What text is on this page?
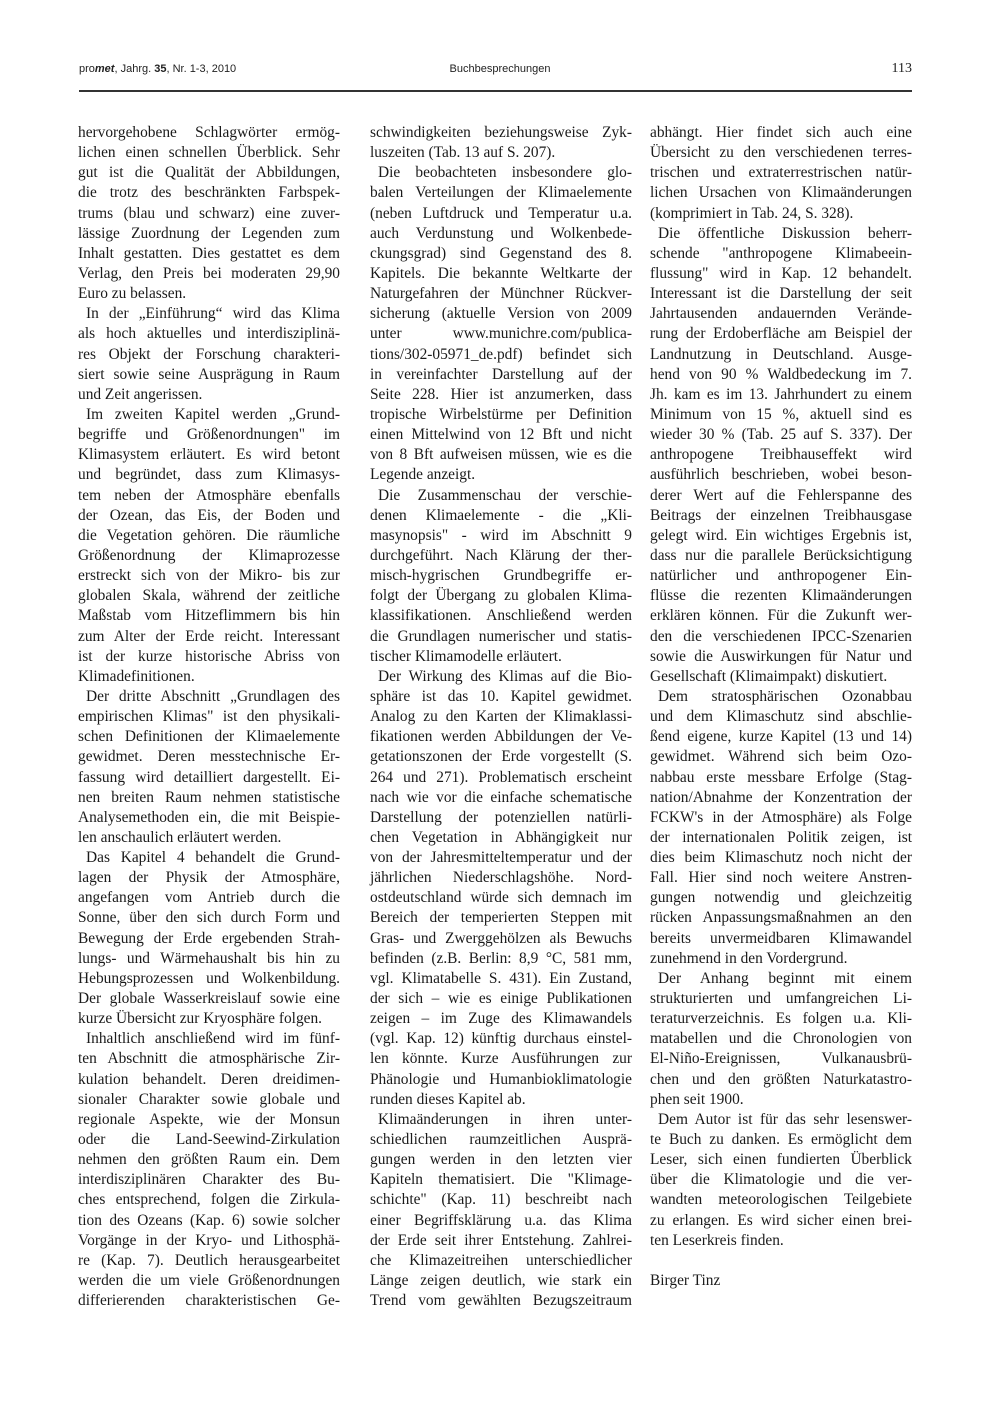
promet, Jahrg. 35, Nr. 1-3, 2010	Buchbesprechungen	113
hervorgehobene Schlagwörter ermög-
lichen einen schnellen Überblick. Sehr
gut ist die Qualität der Abbildungen,
die trotz des beschränkten Farbspek-
trums (blau und schwarz) eine zuver-
lässige Zuordnung der Legenden zum
Inhalt gestatten. Dies gestattet es dem
Verlag, den Preis bei moderaten 29,90
Euro zu belassen.
In der „Einführung“ wird das Klima
als hoch aktuelles und interdisziplinä-
res Objekt der Forschung charakteri-
siert sowie seine Ausprägung in Raum
und Zeit angerissen.
Im zweiten Kapitel werden „Grund-
begriffe und Größenordnungen" im
Klimasystem erläutert. Es wird betont
und begründet, dass zum Klimasys-
tem neben der Atmosphäre ebenfalls
der Ozean, das Eis, der Boden und
die Vegetation gehören. Die räumliche
Größenordnung der Klimaprozesse
erstreckt sich von der Mikro- bis zur
globalen Skala, während der zeitliche
Maßstab vom Hitzeflimmern bis hin
zum Alter der Erde reicht. Interessant
ist der kurze historische Abriss von
Klimadefinitionen.
Der dritte Abschnitt „Grundlagen des
empirischen Klimas" ist den physikali-
schen Definitionen der Klimaelemente
gewidmet. Deren messtechnische Er-
fassung wird detailliert dargestellt. Ei-
nen breiten Raum nehmen statistische
Analysemethoden ein, die mit Beispie-
len anschaulich erläutert werden.
Das Kapitel 4 behandelt die Grund-
lagen der Physik der Atmosphäre,
angefangen vom Antrieb durch die
Sonne, über den sich durch Form und
Bewegung der Erde ergebenden Strah-
lungs- und Wärmehaushalt bis hin zu
Hebungsprozessen und Wolkenbildung.
Der globale Wasserkreislauf sowie eine
kurze Übersicht zur Kryosphäre folgen.
Inhaltlich anschließend wird im fünf-
ten Abschnitt die atmosphärische Zir-
kulation behandelt. Deren dreidimen-
sionaler Charakter sowie globale und
regionale Aspekte, wie der Monsun
oder die Land-Seewind-Zirkulation
nehmen den größten Raum ein. Dem
interdisziplinären Charakter des Bu-
ches entsprechend, folgen die Zirkula-
tion des Ozeans (Kap. 6) sowie solcher
Vorgänge in der Kryo- und Lithosphä-
re (Kap. 7). Deutlich herausgearbeitet
werden die um viele Größenordnungen
differierenden charakteristischen Ge-
schwindigkeiten beziehungsweise Zyk-
luszeiten (Tab. 13 auf S. 207).
Die beobachteten insbesondere glo-
balen Verteilungen der Klimaelemente
(neben Luftdruck und Temperatur u.a.
auch Verdunstung und Wolkenbede-
ckungsgrad) sind Gegenstand des 8.
Kapitels. Die bekannte Weltkarte der
Naturgefahren der Münchner Rückver-
sicherung (aktuelle Version von 2009
unter www.munichre.com/publica-
tions/302-05971_de.pdf) befindet sich
in vereinfachter Darstellung auf der
Seite 228. Hier ist anzumerken, dass
tropische Wirbelstürme per Definition
einen Mittelwind von 12 Bft und nicht
von 8 Bft aufweisen müssen, wie es die
Legende anzeigt.
Die Zusammenschau der verschie-
denen Klimaelemente - die „Kli-
masynopsis" - wird im Abschnitt 9
durchgeführt. Nach Klärung der ther-
misch-hygrischen Grundbegriffe er-
folgt der Übergang zu globalen Klima-
klassifikationen. Anschließend werden
die Grundlagen numerischer und statis-
tischer Klimamodelle erläutert.
Der Wirkung des Klimas auf die Bio-
sphäre ist das 10. Kapitel gewidmet.
Analog zu den Karten der Klimaklassi-
fikationen werden Abbildungen der Ve-
getationszonen der Erde vorgestellt (S.
264 und 271). Problematisch erscheint
nach wie vor die einfache schematische
Darstellung der potenziellen natürli-
chen Vegetation in Abhängigkeit nur
von der Jahresmitteltemperatur und der
jährlichen Niederschlagshöhe. Nord-
ostdeutschland würde sich demnach im
Bereich der temperierten Steppen mit
Gras- und Zwerggehölzen als Bewuchs
befinden (z.B. Berlin: 8,9 °C, 581 mm,
vgl. Klimatabelle S. 431). Ein Zustand,
der sich – wie es einige Publikationen
zeigen – im Zuge des Klimawandels
(vgl. Kap. 12) künftig durchaus einstel-
len könnte. Kurze Ausführungen zur
Phänologie und Humanbioklimatologie
runden dieses Kapitel ab.
Klimaänderungen in ihren unter-
schiedlichen raumzeitlichen Ausprä-
gungen werden in den letzten vier
Kapiteln thematisiert. Die "Klimage-
schichte" (Kap. 11) beschreibt nach
einer Begriffsklärung u.a. das Klima
der Erde seit ihrer Entstehung. Zahlrei-
che Klimazeitreihen unterschiedlicher
Länge zeigen deutlich, wie stark ein
Trend vom gewählten Bezugszeitraum
abhängt. Hier findet sich auch eine
Übersicht zu den verschiedenen terres-
trischen und extraterrestrischen natür-
lichen Ursachen von Klimaänderungen
(komprimiert in Tab. 24, S. 328).
Die öffentliche Diskussion beherr-
schende "anthropogene Klimabeein-
flussung" wird in Kap. 12 behandelt.
Interessant ist die Darstellung der seit
Jahrtausenden andauernden Verände-
rung der Erdoberfläche am Beispiel der
Landnutzung in Deutschland. Ausge-
hend von 90 % Waldbedeckung im 7.
Jh. kam es im 13. Jahrhundert zu einem
Minimum von 15 %, aktuell sind es
wieder 30 % (Tab. 25 auf S. 337). Der
anthropogene Treibhauseffekt wird
ausführlich beschrieben, wobei beson-
derer Wert auf die Fehlerspanne des
Beitrags der einzelnen Treibhausgase
gelegt wird. Ein wichtiges Ergebnis ist,
dass nur die parallele Berücksichtigung
natürlicher und anthropogener Ein-
flüsse die rezenten Klimaänderungen
erklären können. Für die Zukunft wer-
den die verschiedenen IPCC-Szenarien
sowie die Auswirkungen für Natur und
Gesellschaft (Klimaimpakt) diskutiert.
Dem stratosphärischen Ozonabbau
und dem Klimaschutz sind abschlie-
ßend eigene, kurze Kapitel (13 und 14)
gewidmet. Während sich beim Ozo-
nabbau erste messbare Erfolge (Stag-
nation/Abnahme der Konzentration der
FCKW's in der Atmosphäre) als Folge
der internationalen Politik zeigen, ist
dies beim Klimaschutz noch nicht der
Fall. Hier sind noch weitere Anstren-
gungen notwendig und gleichzeitig
rücken Anpassungsmaßnahmen an den
bereits unvermeidbaren Klimawandel
zunehmend in den Vordergrund.
Der Anhang beginnt mit einem
strukturierten und umfangreichen Li-
teraturverzeichnis. Es folgen u.a. Kli-
matabellen und die Chronologien von
El-Niño-Ereignissen, Vulkanausbrü-
chen und den größten Naturkatastro-
phen seit 1900.
Dem Autor ist für das sehr lesenswer-
te Buch zu danken. Es ermöglicht dem
Leser, sich einen fundierten Überblick
über die Klimatologie und die ver-
wandten meteorologischen Teilgebiete
zu erlangen. Es wird sicher einen brei-
ten Leserkreis finden.
Birger Tinz
